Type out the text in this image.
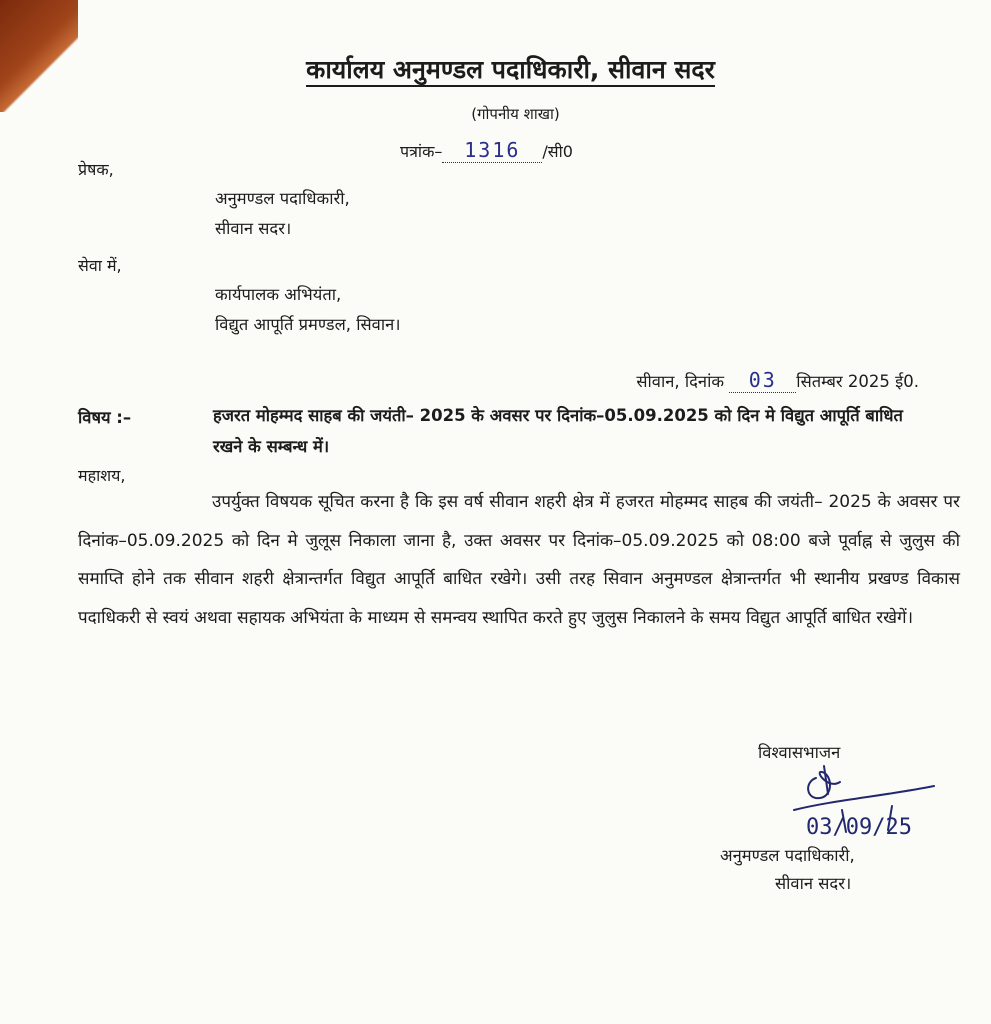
कार्यालय अनुमण्डल पदाधिकारी, सीवान सदर
(गोपनीय शाखा)
पत्रांक– 1316 /सी0
प्रेषक,
अनुमण्डल पदाधिकारी,
सीवान सदर।
सेवा में,
कार्यपालक अभियंता,
विद्युत आपूर्ति प्रमण्डल, सिवान।
सीवान, दिनांक 03 सितम्बर 2025 ई0.
विषय :–	हजरत मोहम्मद साहब की जयंती– 2025 के अवसर पर दिनांक–05.09.2025 को दिन मे विद्युत आपूर्ति बाधित रखने के सम्बन्ध में।
महाशय,
उपर्युक्त विषयक सूचित करना है कि इस वर्ष सीवान शहरी क्षेत्र में हजरत मोहम्मद साहब की जयंती– 2025 के अवसर पर दिनांक–05.09.2025 को दिन मे जुलूस निकाला जाना है, उक्त अवसर पर दिनांक–05.09.2025 को 08:00 बजे पूर्वाह्न से जुलुस की समाप्ति होने तक सीवान शहरी क्षेत्रान्तर्गत विद्युत आपूर्ति बाधित रखेगे। उसी तरह सिवान अनुमण्डल क्षेत्रान्तर्गत भी स्थानीय प्रखण्ड विकास पदाधिकरी से स्वयं अथवा सहायक अभियंता के माध्यम से समन्वय स्थापित करते हुए जुलुस निकालने के समय विद्युत आपूर्ति बाधित रखेगें।
विश्वासभाजन
03/09/25
अनुमण्डल पदाधिकारी,
सीवान सदर।
